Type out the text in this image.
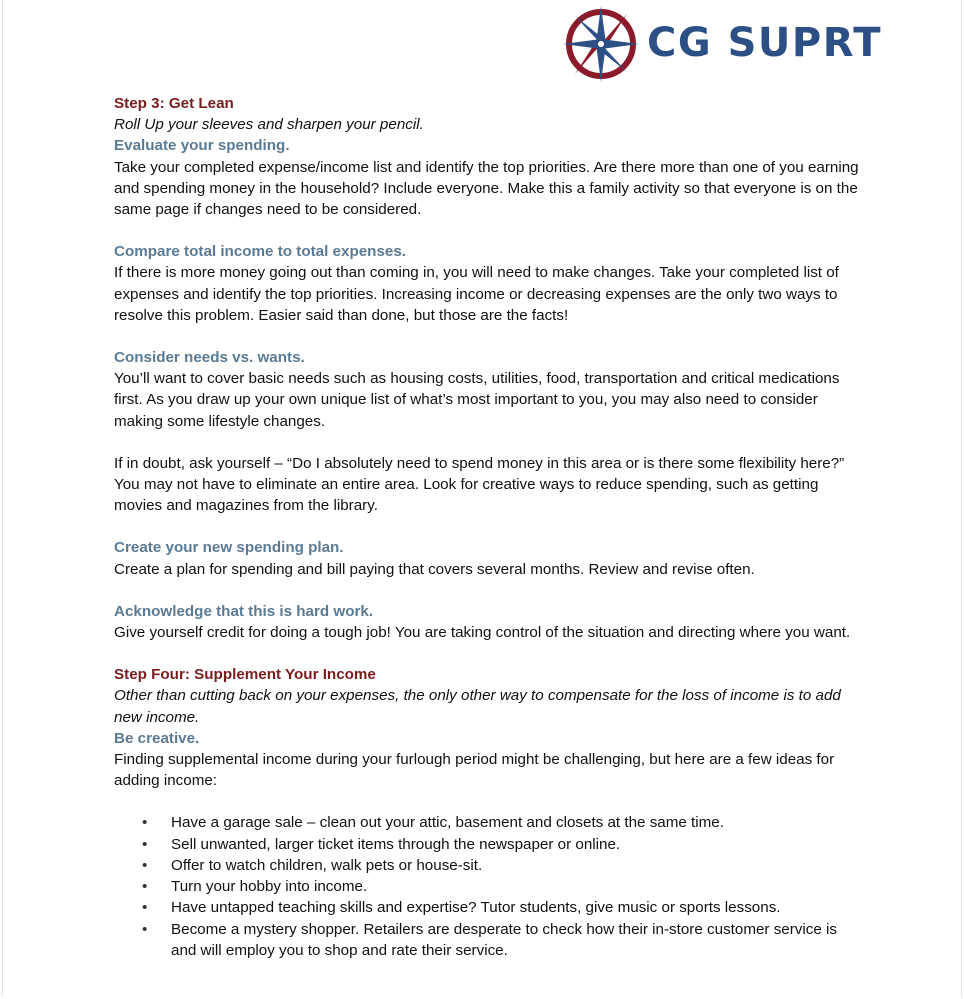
CG SUPRT

Step 3: Get Lean

Roll Up your sleeves and sharpen your pencil.

Evaluate your spending.

Take your completed expense/income list and identify the top priorities. Are there more than one of you earning and spending money in the household? Include everyone. Make this a family activity so that everyone is on the same page if changes need to be considered.

Compare total income to total expenses.

If there is more money going out than coming in, you will need to make changes. Take your completed list of expenses and identify the top priorities. Increasing income or decreasing expenses are the only two ways to resolve this problem. Easier said than done, but those are the facts!

Consider needs vs. wants.

You’ll want to cover basic needs such as housing costs, utilities, food, transportation and critical medications first. As you draw up your own unique list of what’s most important to you, you may also need to consider making some lifestyle changes.

If in doubt, ask yourself – “Do I absolutely need to spend money in this area or is there some flexibility here?” You may not have to eliminate an entire area. Look for creative ways to reduce spending, such as getting movies and magazines from the library.

Create your new spending plan.

Create a plan for spending and bill paying that covers several months. Review and revise often.

Acknowledge that this is hard work.

Give yourself credit for doing a tough job! You are taking control of the situation and directing where you want.

Step Four: Supplement Your Income

Other than cutting back on your expenses, the only other way to compensate for the loss of income is to add new income.

Be creative.

Finding supplemental income during your furlough period might be challenging, but here are a few ideas for adding income:

• Have a garage sale – clean out your attic, basement and closets at the same time.
• Sell unwanted, larger ticket items through the newspaper or online.
• Offer to watch children, walk pets or house-sit.
• Turn your hobby into income.
• Have untapped teaching skills and expertise? Tutor students, give music or sports lessons.
• Become a mystery shopper. Retailers are desperate to check how their in-store customer service is and will employ you to shop and rate their service.
